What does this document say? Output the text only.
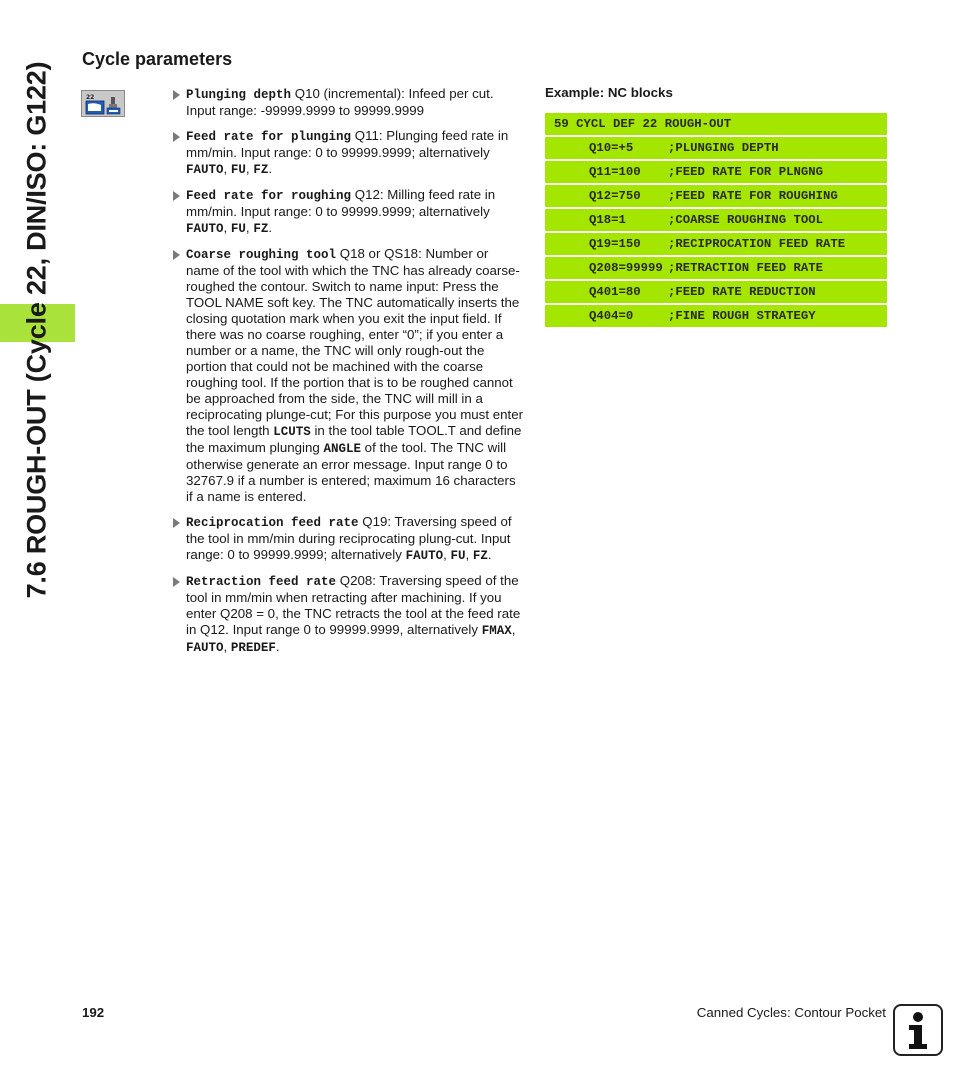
7.6 ROUGH-OUT (Cycle 22, DIN/ISO: G122)
Cycle parameters
22	Plunging depth Q10 (incremental): Infeed per cut. Input range: -99999.9999 to 99999.9999
Feed rate for plunging Q11: Plunging feed rate in mm/min. Input range: 0 to 99999.9999; alternatively FAUTO, FU, FZ.
Feed rate for roughing Q12: Milling feed rate in mm/min. Input range: 0 to 99999.9999; alternatively FAUTO, FU, FZ.
Coarse roughing tool Q18 or QS18: Number or name of the tool with which the TNC has already coarse-roughed the contour. Switch to name input: Press the TOOL NAME soft key. The TNC automatically inserts the closing quotation mark when you exit the input field. If there was no coarse roughing, enter “0”; if you enter a number or a name, the TNC will only rough-out the portion that could not be machined with the coarse roughing tool. If the portion that is to be roughed cannot be approached from the side, the TNC will mill in a reciprocating plunge-cut; For this purpose you must enter the tool length LCUTS in the tool table TOOL.T and define the maximum plunging ANGLE of the tool. The TNC will otherwise generate an error message. Input range 0 to 32767.9 if a number is entered; maximum 16 characters if a name is entered.
Reciprocation feed rate Q19: Traversing speed of the tool in mm/min during reciprocating plung-cut. Input range: 0 to 99999.9999; alternatively FAUTO, FU, FZ.
Retraction feed rate Q208: Traversing speed of the tool in mm/min when retracting after machining. If you enter Q208 = 0, the TNC retracts the tool at the feed rate in Q12. Input range 0 to 99999.9999, alternatively FMAX, FAUTO, PREDEF.
Example: NC blocks
59 CYCL DEF 22 ROUGH-OUT
Q10=+5	;PLUNGING DEPTH
Q11=100 ;FEED RATE FOR PLNGNG
Q12=750 ;FEED RATE FOR ROUGHING
Q18=1	;COARSE ROUGHING TOOL
Q19=150 ;RECIPROCATION FEED RATE
Q208=99999 ;RETRACTION FEED RATE
Q401=80 ;FEED RATE REDUCTION
Q404=0	;FINE ROUGH STRATEGY
192	Canned Cycles: Contour Pocket
